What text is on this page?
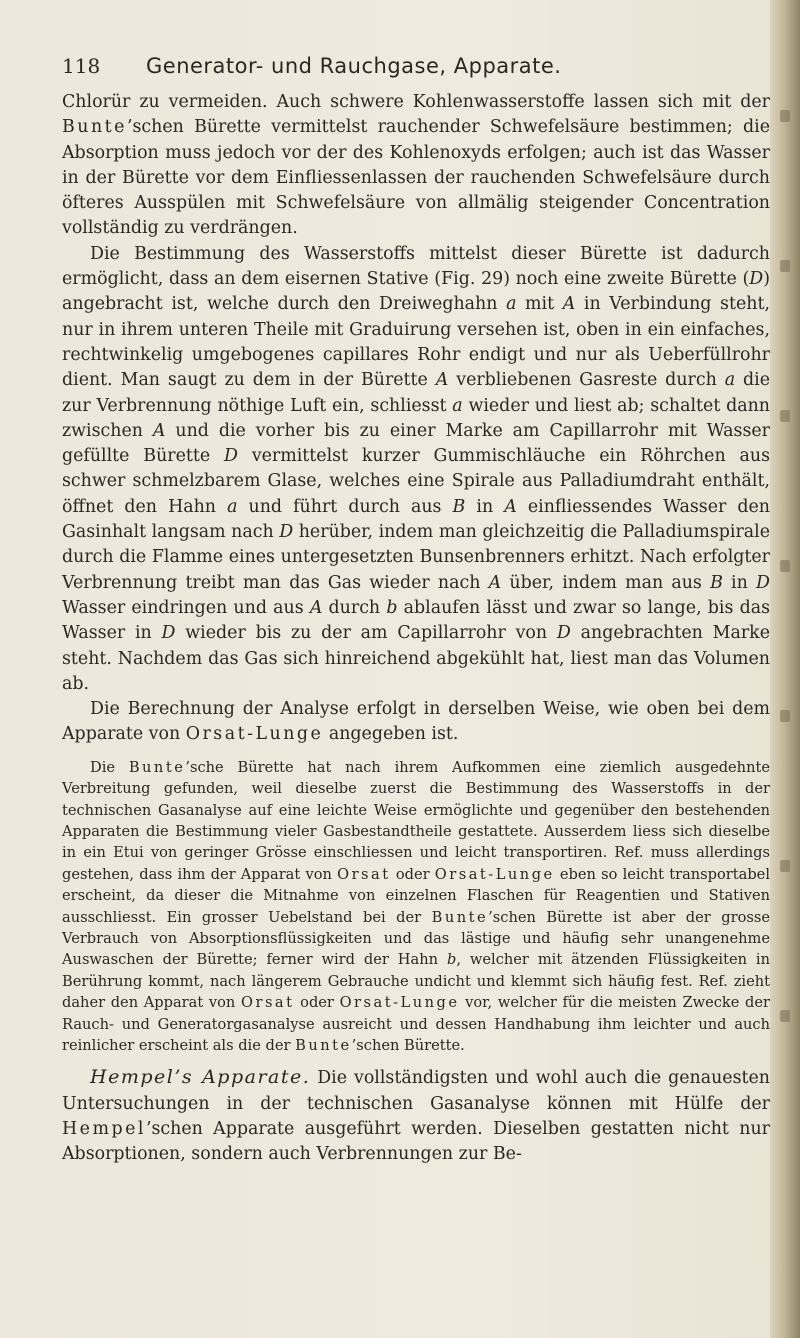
118 Generator- und Rauchgase, Apparate.

Chlorür zu vermeiden. Auch schwere Kohlenwasserstoffe lassen sich mit der Bunte’schen Bürette vermittelst rauchender Schwefelsäure bestimmen; die Absorption muss jedoch vor der des Kohlenoxyds erfolgen; auch ist das Wasser in der Bürette vor dem Einfliessenlassen der rauchenden Schwefelsäure durch öfteres Ausspülen mit Schwefelsäure von allmälig steigender Concentration vollständig zu verdrängen.

Die Bestimmung des Wasserstoffs mittelst dieser Bürette ist dadurch ermöglicht, dass an dem eisernen Stative (Fig. 29) noch eine zweite Bürette (D) angebracht ist, welche durch den Dreiweghahn a mit A in Verbindung steht, nur in ihrem unteren Theile mit Graduirung versehen ist, oben in ein einfaches, rechtwinkelig umgebogenes capillares Rohr endigt und nur als Ueberfüllrohr dient. Man saugt zu dem in der Bürette A verbliebenen Gasreste durch a die zur Verbrennung nöthige Luft ein, schliesst a wieder und liest ab; schaltet dann zwischen A und die vorher bis zu einer Marke am Capillarrohr mit Wasser gefüllte Bürette D vermittelst kurzer Gummischläuche ein Röhrchen aus schwer schmelzbarem Glase, welches eine Spirale aus Palladiumdraht enthält, öffnet den Hahn a und führt durch aus B in A einfliessendes Wasser den Gasinhalt langsam nach D herüber, indem man gleichzeitig die Palladiumspirale durch die Flamme eines untergesetzten Bunsenbrenners erhitzt. Nach erfolgter Verbrennung treibt man das Gas wieder nach A über, indem man aus B in D Wasser eindringen und aus A durch b ablaufen lässt und zwar so lange, bis das Wasser in D wieder bis zu der am Capillarrohr von D angebrachten Marke steht. Nachdem das Gas sich hinreichend abgekühlt hat, liest man das Volumen ab.

Die Berechnung der Analyse erfolgt in derselben Weise, wie oben bei dem Apparate von Orsat-Lunge angegeben ist.

Die Bunte’sche Bürette hat nach ihrem Aufkommen eine ziemlich ausgedehnte Verbreitung gefunden, weil dieselbe zuerst die Bestimmung des Wasserstoffs in der technischen Gasanalyse auf eine leichte Weise ermöglichte und gegenüber den bestehenden Apparaten die Bestimmung vieler Gasbestandtheile gestattete. Ausserdem liess sich dieselbe in ein Etui von geringer Grösse einschliessen und leicht transportiren. Ref. muss allerdings gestehen, dass ihm der Apparat von Orsat oder Orsat-Lunge eben so leicht transportabel erscheint, da dieser die Mitnahme von einzelnen Flaschen für Reagentien und Stativen ausschliesst. Ein grosser Uebelstand bei der Bunte’schen Bürette ist aber der grosse Verbrauch von Absorptionsflüssigkeiten und das lästige und häufig sehr unangenehme Auswaschen der Bürette; ferner wird der Hahn b, welcher mit ätzenden Flüssigkeiten in Berührung kommt, nach längerem Gebrauche undicht und klemmt sich häufig fest. Ref. zieht daher den Apparat von Orsat oder Orsat-Lunge vor, welcher für die meisten Zwecke der Rauch- und Generatorgasanalyse ausreicht und dessen Handhabung ihm leichter und auch reinlicher erscheint als die der Bunte’schen Bürette.

Hempel’s Apparate. Die vollständigsten und wohl auch die genauesten Untersuchungen in der technischen Gasanalyse können mit Hülfe der Hempel’schen Apparate ausgeführt werden. Dieselben gestatten nicht nur Absorptionen, sondern auch Verbrennungen zur Be-
